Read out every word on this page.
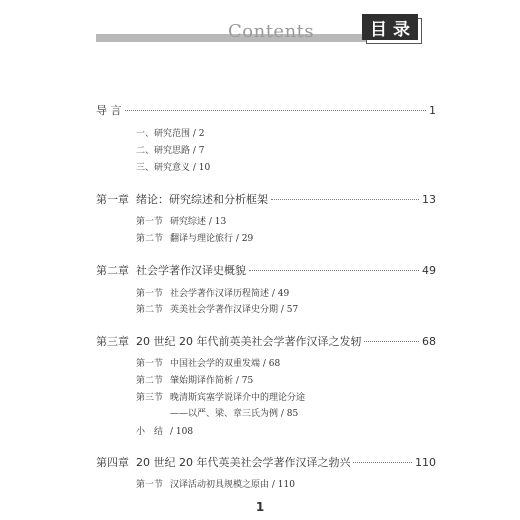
Contents	目录
导 言	1
一、研究范围 / 2
二、研究思路 / 7
三、研究意义 / 10
第一章 绪论：研究综述和分析框架	13
第一节 研究综述 / 13
第二节 翻译与理论旅行 / 29
第二章 社会学著作汉译史概貌	49
第一节 社会学著作汉译历程简述 / 49
第二节 英美社会学著作汉译史分期 / 57
第三章 20 世纪 20 年代前英美社会学著作汉译之发轫	68
第一节 中国社会学的双重发端 / 68
第二节 肇始期译作简析 / 75
第三节 晚清斯宾塞学说译介中的理论分途
——以严、梁、章三氏为例 / 85
小　结 / 108
第四章 20 世纪 20 年代英美社会学著作汉译之勃兴	110
第一节 汉译活动初具规模之原由 / 110
1
